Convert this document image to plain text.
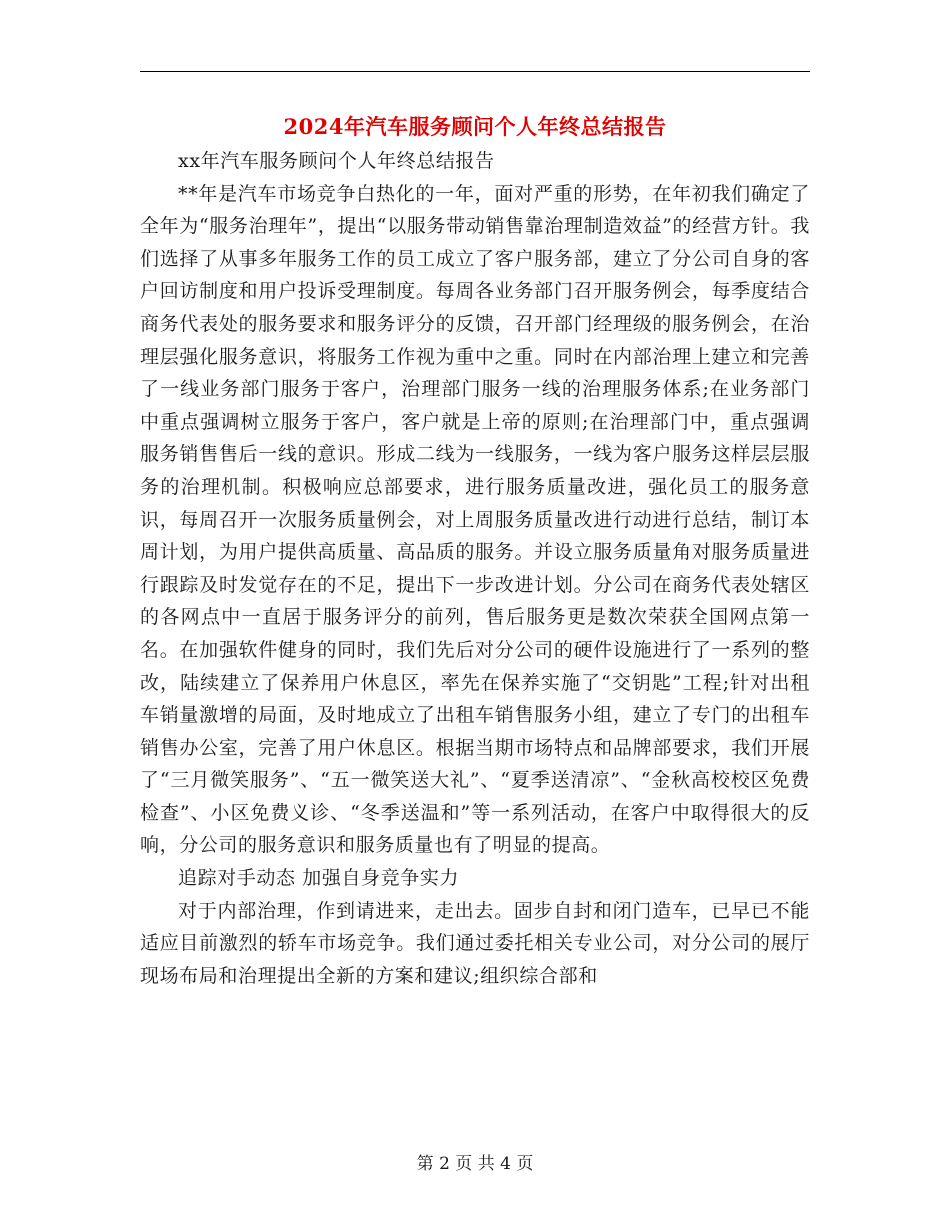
2024年汽车服务顾问个人年终总结报告

xx年汽车服务顾问个人年终总结报告

**年是汽车市场竞争白热化的一年，面对严重的形势，在年初我们确定了全年为“服务治理年”，提出“以服务带动销售靠治理制造效益”的经营方针。我们选择了从事多年服务工作的员工成立了客户服务部，建立了分公司自身的客户回访制度和用户投诉受理制度。每周各业务部门召开服务例会，每季度结合商务代表处的服务要求和服务评分的反馈，召开部门经理级的服务例会，在治理层强化服务意识，将服务工作视为重中之重。同时在内部治理上建立和完善了一线业务部门服务于客户，治理部门服务一线的治理服务体系;在业务部门中重点强调树立服务于客户，客户就是上帝的原则;在治理部门中，重点强调服务销售售后一线的意识。形成二线为一线服务，一线为客户服务这样层层服务的治理机制。积极响应总部要求，进行服务质量改进，强化员工的服务意识，每周召开一次服务质量例会，对上周服务质量改进行动进行总结，制订本周计划，为用户提供高质量、高品质的服务。并设立服务质量角对服务质量进行跟踪及时发觉存在的不足，提出下一步改进计划。分公司在商务代表处辖区的各网点中一直居于服务评分的前列，售后服务更是数次荣获全国网点第一名。在加强软件健身的同时，我们先后对分公司的硬件设施进行了一系列的整改，陆续建立了保养用户休息区，率先在保养实施了“交钥匙”工程;针对出租车销量激增的局面，及时地成立了出租车销售服务小组，建立了专门的出租车销售办公室，完善了用户休息区。根据当期市场特点和品牌部要求，我们开展了“三月微笑服务”、“五一微笑送大礼”、“夏季送清凉”、“金秋高校校区免费检查”、小区免费义诊、“冬季送温和”等一系列活动，在客户中取得很大的反响，分公司的服务意识和服务质量也有了明显的提高。

追踪对手动态 加强自身竞争实力

对于内部治理，作到请进来，走出去。固步自封和闭门造车，已早已不能适应目前激烈的轿车市场竞争。我们通过委托相关专业公司，对分公司的展厅现场布局和治理提出全新的方案和建议;组织综合部和

第 2 页 共 4 页
